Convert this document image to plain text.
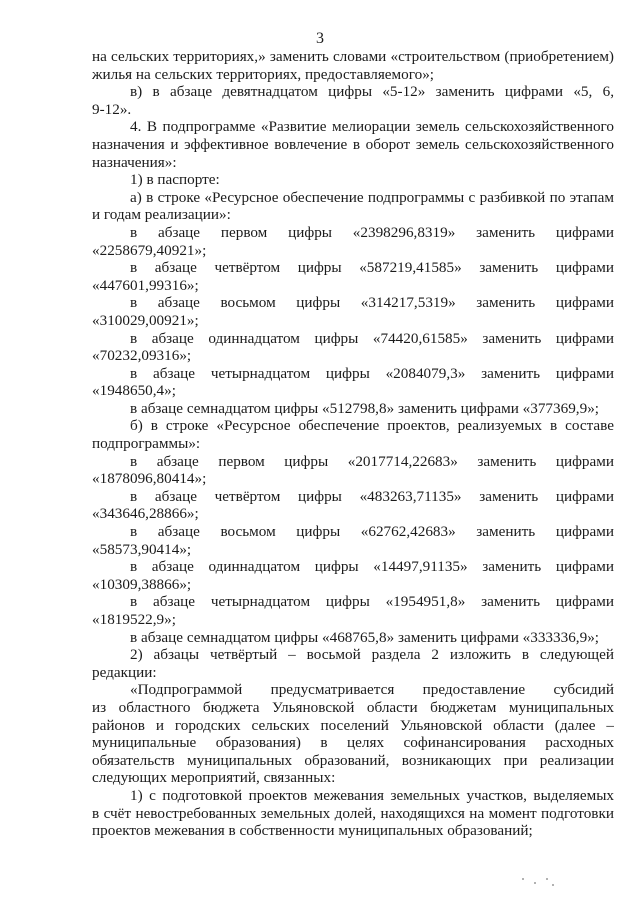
3
на сельских территориях,» заменить словами «строительством (приобретением)
жилья на сельских территориях, предоставляемого»;
в) в абзаце девятнадцатом цифры «5-12» заменить цифрами «5, 6,
9-12».
4. В подпрограмме «Развитие мелиорации земель сельскохозяйственного
назначения и эффективное вовлечение в оборот земель сельскохозяйственного
назначения»:
1) в паспорте:
а) в строке «Ресурсное обеспечение подпрограммы с разбивкой по этапам
и годам реализации»:
в абзаце первом цифры «2398296,8319» заменить цифрами
«2258679,40921»;
в абзаце четвёртом цифры «587219,41585» заменить цифрами
«447601,99316»;
в абзаце восьмом цифры «314217,5319» заменить цифрами
«310029,00921»;
в абзаце одиннадцатом цифры «74420,61585» заменить цифрами
«70232,09316»;
в абзаце четырнадцатом цифры «2084079,3» заменить цифрами
«1948650,4»;
в абзаце семнадцатом цифры «512798,8» заменить цифрами «377369,9»;
б) в строке «Ресурсное обеспечение проектов, реализуемых в составе
подпрограммы»:
в абзаце первом цифры «2017714,22683» заменить цифрами
«1878096,80414»;
в абзаце четвёртом цифры «483263,71135» заменить цифрами
«343646,28866»;
в абзаце восьмом цифры «62762,42683» заменить цифрами
«58573,90414»;
в абзаце одиннадцатом цифры «14497,91135» заменить цифрами
«10309,38866»;
в абзаце четырнадцатом цифры «1954951,8» заменить цифрами
«1819522,9»;
в абзаце семнадцатом цифры «468765,8» заменить цифрами «333336,9»;
2) абзацы четвёртый – восьмой раздела 2 изложить в следующей
редакции:
«Подпрограммой предусматривается предоставление субсидий
из областного бюджета Ульяновской области бюджетам муниципальных
районов и городских сельских поселений Ульяновской области (далее –
муниципальные образования) в целях софинансирования расходных
обязательств муниципальных образований, возникающих при реализации
следующих мероприятий, связанных:
1) с подготовкой проектов межевания земельных участков, выделяемых
в счёт невостребованных земельных долей, находящихся на момент подготовки
проектов межевания в собственности муниципальных образований;
